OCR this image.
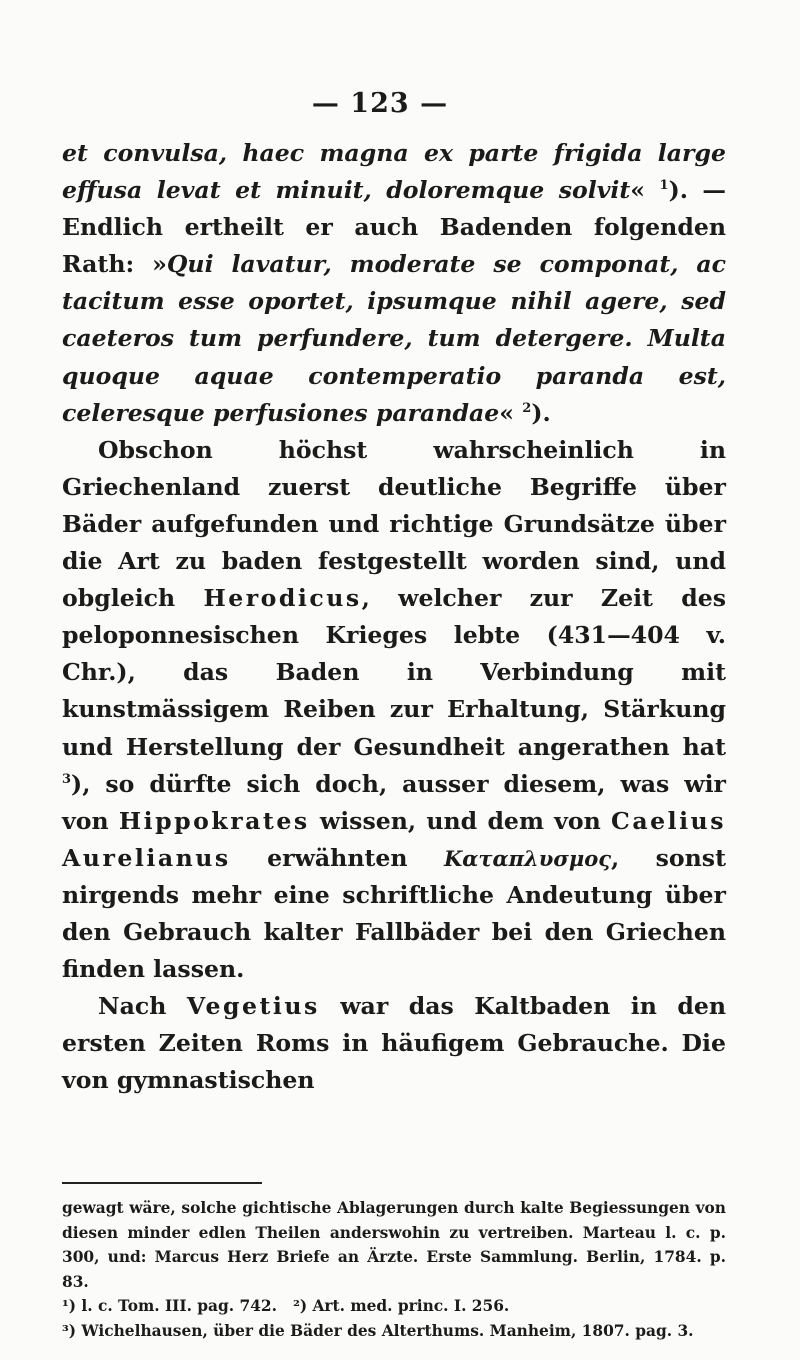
— 123 —

et convulsa, haec magna ex parte frigida large effusa levat et minuit, doloremque solvit« $^1$). — Endlich ertheilt er auch Badenden folgenden Rath: »Qui lavatur, moderate se componat, ac tacitum esse oportet, ipsumque nihil agere, sed caeteros tum perfundere, tum detergere. Multa quoque aquae contemperatio paranda est, celeresque perfusiones parandae« $^2$).

Obschon höchst wahrscheinlich in Griechenland zuerst deutliche Begriffe über Bäder aufgefunden und richtige Grundsätze über die Art zu baden festgestellt worden sind, und obgleich Herodicus, welcher zur Zeit des peloponnesischen Krieges lebte (431—404 v. Chr.), das Baden in Verbindung mit kunstmässigem Reiben zur Erhaltung, Stärkung und Herstellung der Gesundheit angerathen hat $^3$), so dürfte sich doch, ausser diesem, was wir von Hippokrates wissen, und dem von Caelius Aurelianus erwähnten Καταπλυσμος, sonst nirgends mehr eine schriftliche Andeutung über den Gebrauch kalter Fallbäder bei den Griechen finden lassen.

Nach Vegetius war das Kaltbaden in den ersten Zeiten Roms in häufigem Gebrauche. Die von gymnastischen

gewagt wäre, solche gichtische Ablagerungen durch kalte Begiessungen von diesen minder edlen Theilen anderswohin zu vertreiben. Marteau l. c. p. 300, und: Marcus Herz Briefe an Ärzte. Erste Sammlung. Berlin, 1784. p. 83.

¹) l. c. Tom. III. pag. 742. ²) Art. med. princ. I. 256.

³) Wichelhausen, über die Bäder des Alterthums. Manheim, 1807. pag. 3.
